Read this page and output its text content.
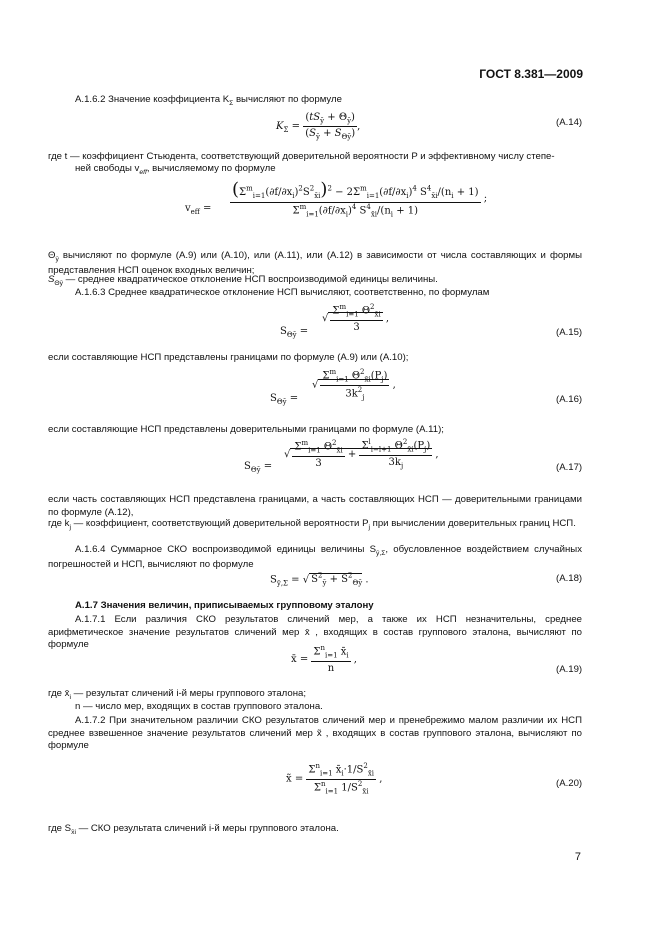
ГОСТ 8.381—2009
A.1.6.2 Значение коэффициента $K_\Sigma$ вычисляют по формуле
$K_\Sigma = \frac{(tS_ȳ + \Theta_ȳ)}{(S_ȳ + S_{\Theta ȳ})}$ ,	(A.14)
где t — коэффициент Стьюдента, соответствующий доверительной вероятности P и эффективному числу степе-
ней свободы $v_{eff}$, вычисляемому по формуле
$v_{eff} = \frac{(\Sigma^m_{i=1}(\partial f/\partial x_i)^2S^2_{x̄i})^2 - 2\Sigma^m_{i=1}(\partial f/\partial x_i)^4 S^4_{x̄i}/(n_i + 1)}{\Sigma^m_{i=1}(\partial f/\partial x_i)^4 S^4_{x̄i}/(n_i + 1)}$ ;
$\Theta_ȳ$ вычисляют по формуле (A.9) или (A.10), или (A.11), или (A.12) в зависимости от числа составляющих и формы представления НСП оценок входных величин;
$S_{\Theta ȳ}$ — среднее квадратическое отклонение НСП воспроизводимой единицы величины.
A.1.6.3 Среднее квадратическое отклонение НСП вычисляют, соответственно, по формулам
$S_{\Theta ȳ}$ =
√ $\frac{\Sigma^m_{i=1} \Theta^2_{x̄i}}{3}$ ,
(A.15)
если составляющие НСП представлены границами по формуле (A.9) или (A.10);
$S_{\Theta ȳ}$ =
√ $\frac{\Sigma^m_{i=1} \Theta^2_{x̄i}(P_j)}{3k^2_j}$ ,
(A.16)
если составляющие НСП представлены доверительными границами по формуле (A.11);
$S_{\Theta ȳ}$ =
√ $\frac{\Sigma^m_{i=1} \Theta^2_{x̄i}}{3} + \frac{\Sigma^l_{i=l+1} \Theta^2_{x̄i}(P_j)}{3k_j}$ ,
(A.17)
если часть составляющих НСП представлена границами, а часть составляющих НСП — доверительными границами по формуле (A.12),
где $k_j$ — коэффициент, соответствующий доверительной вероятности $P_j$ при вычислении доверительных границ НСП.
A.1.6.4 Суммарное СКО воспроизводимой единицы величины $S_{ȳ,\Sigma}$, обусловленное воздействием случайных погрешностей и НСП, вычисляют по формуле
$S_{ȳ,\Sigma}$ = √ $S^2_ȳ + S^2_{\Theta ȳ}$ .	(A.18)
A.1.7 Значения величин, приписываемых групповому эталону
A.1.7.1 Если различия СКО результатов сличений мер, а также их НСП незначительны, среднее арифметическое значение результатов сличений мер x̄ , входящих в состав группового эталона, вычисляют по формуле
x̄ = $\frac{\Sigma^n_{i=1} x̄_i}{n}$ ,
(A.19)
где $x̄_i$ — результат сличений i-й меры группового эталона;
n — число мер, входящих в состав группового эталона.
A.1.7.2 При значительном различии СКО результатов сличений мер и пренебрежимо малом различии их НСП среднее взвешенное значение результатов сличений мер x̃ , входящих в состав группового эталона, вычисляют по формуле
x̃ = $\frac{\Sigma^n_{i=1} x̄_i\cdot 1/S^2_{x̄i}}{\Sigma^n_{i=1} 1/S^2_{x̄i}}$ ,	(A.20)
где $S_{x̄i}$ — СКО результата сличений i-й меры группового эталона.
7
